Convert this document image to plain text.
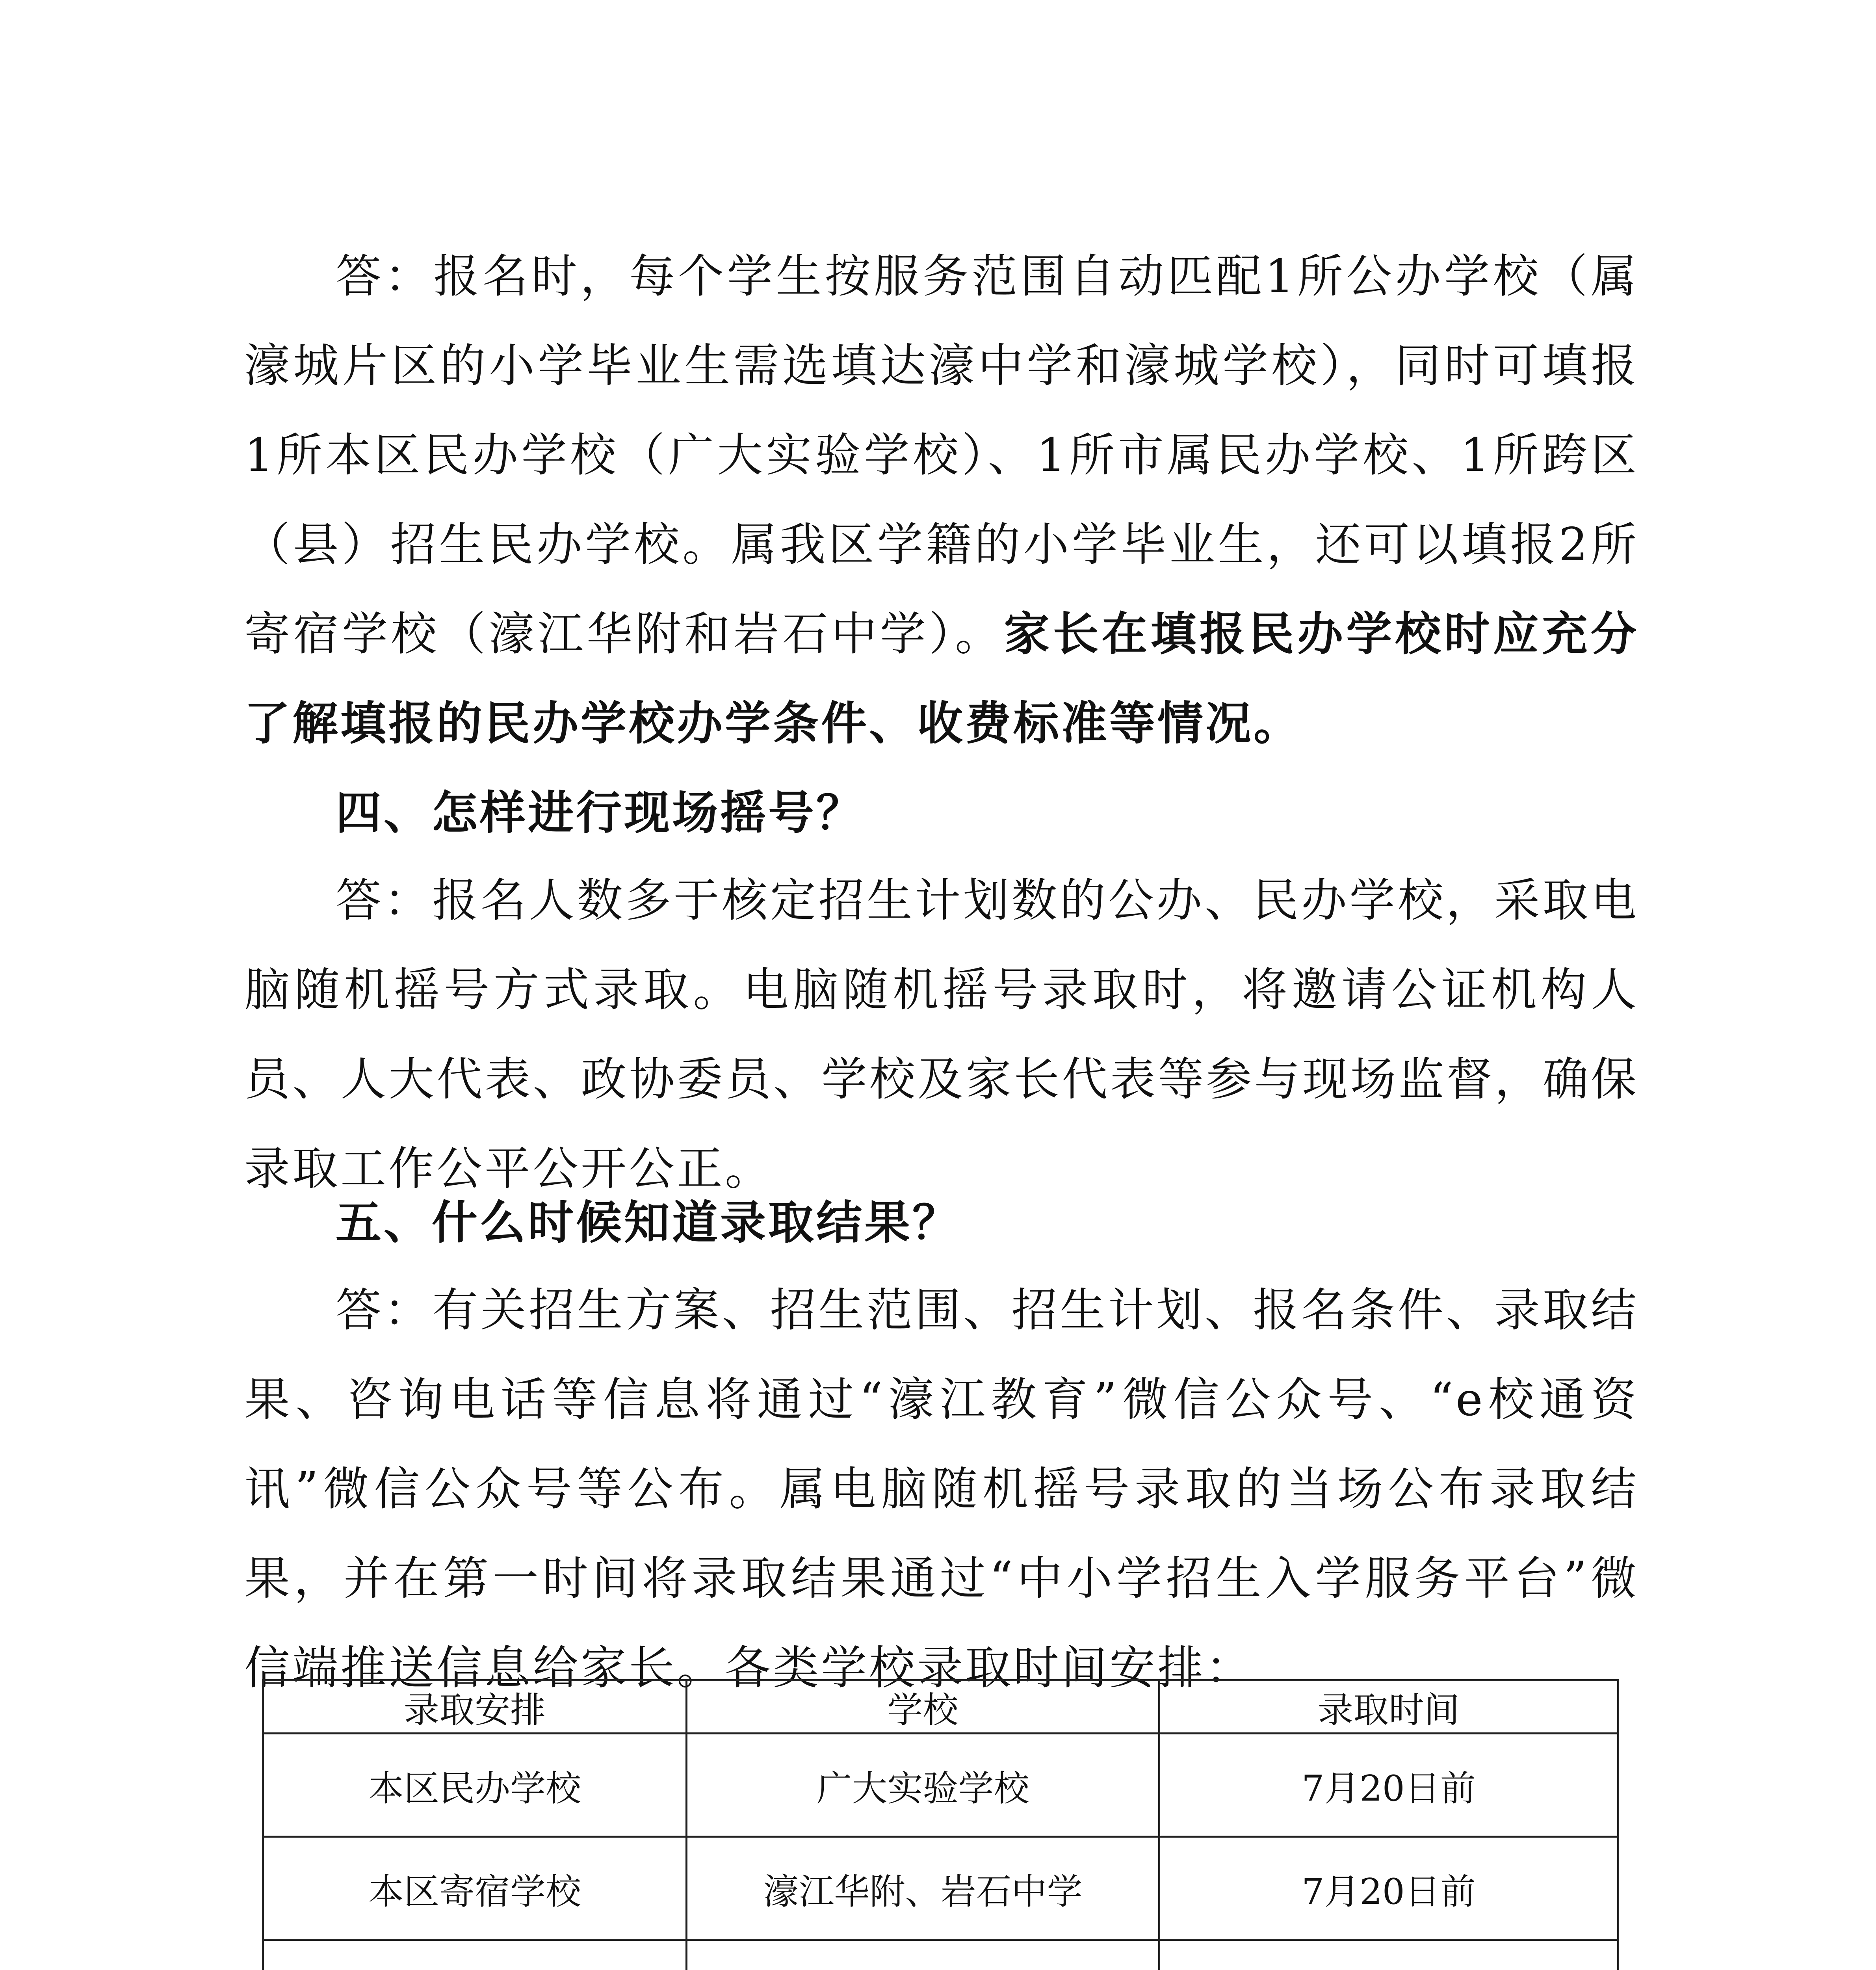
答：报名时，每个学生按服务范围自动匹配1所公办学校（属濠城片区的小学毕业生需选填达濠中学和濠城学校），同时可填报1所本区民办学校（广大实验学校）、1所市属民办学校、1所跨区（县）招生民办学校。属我区学籍的小学毕业生，还可以填报2所寄宿学校（濠江华附和岩石中学）。家长在填报民办学校时应充分了解填报的民办学校办学条件、收费标准等情况。
四、怎样进行现场摇号？
答：报名人数多于核定招生计划数的公办、民办学校，采取电脑随机摇号方式录取。电脑随机摇号录取时，将邀请公证机构人员、人大代表、政协委员、学校及家长代表等参与现场监督，确保录取工作公平公开公正。
五、什么时候知道录取结果？
答：有关招生方案、招生范围、招生计划、报名条件、录取结果、咨询电话等信息将通过“濠江教育”微信公众号、“e校通资讯”微信公众号等公布。属电脑随机摇号录取的当场公布录取结果，并在第一时间将录取结果通过“中小学招生入学服务平台”微信端推送信息给家长。各类学校录取时间安排：
录取安排	学校	录取时间
本区民办学校	广大实验学校	7月20日前
本区寄宿学校	濠江华附、岩石中学	7月20日前
